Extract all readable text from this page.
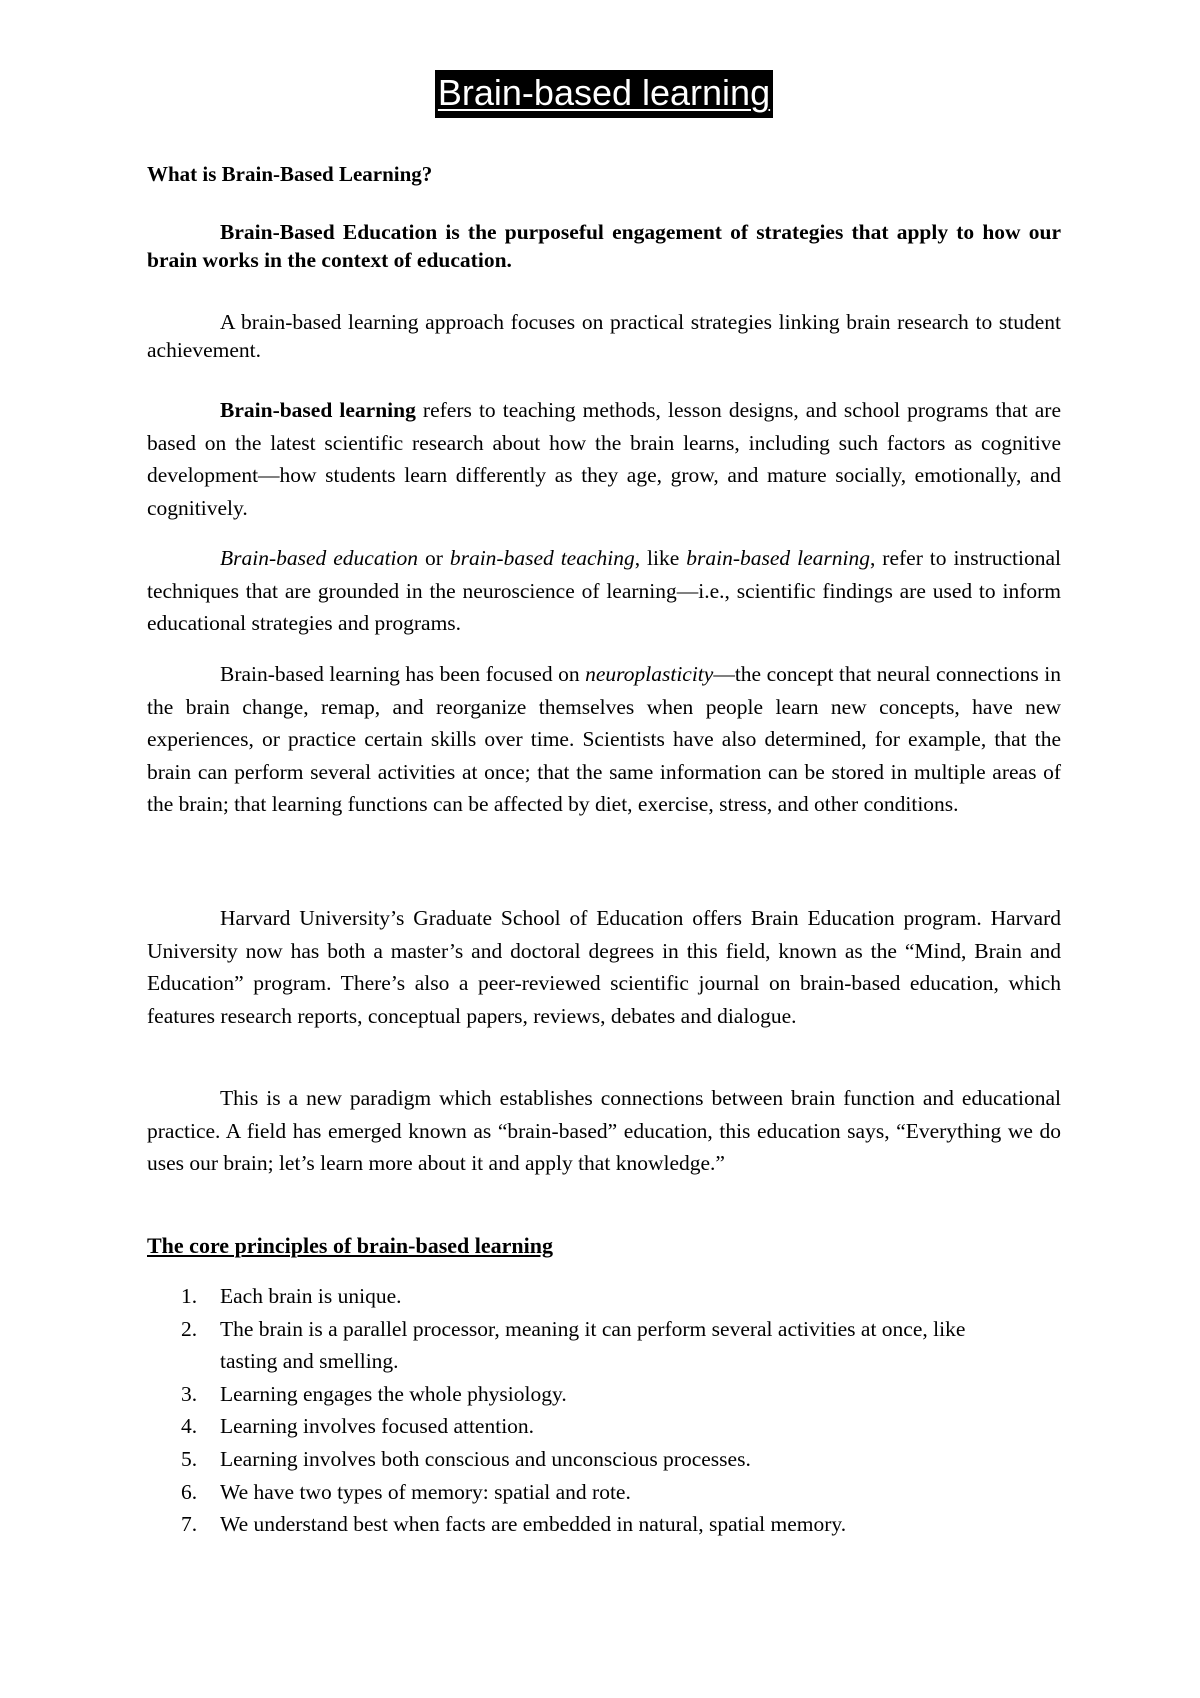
Brain-based learning

What is Brain-Based Learning?

Brain-Based Education is the purposeful engagement of strategies that apply to how our brain works in the context of education.

A brain-based learning approach focuses on practical strategies linking brain research to student achievement.

Brain-based learning refers to teaching methods, lesson designs, and school programs that are based on the latest scientific research about how the brain learns, including such factors as cognitive development—how students learn differently as they age, grow, and mature socially, emotionally, and cognitively.

Brain-based education or brain-based teaching, like brain-based learning, refer to instructional techniques that are grounded in the neuroscience of learning—i.e., scientific findings are used to inform educational strategies and programs.

Brain-based learning has been focused on neuroplasticity—the concept that neural connections in the brain change, remap, and reorganize themselves when people learn new concepts, have new experiences, or practice certain skills over time. Scientists have also determined, for example, that the brain can perform several activities at once; that the same information can be stored in multiple areas of the brain; that learning functions can be affected by diet, exercise, stress, and other conditions.

Harvard University’s Graduate School of Education offers Brain Education program. Harvard University now has both a master’s and doctoral degrees in this field, known as the “Mind, Brain and Education” program. There’s also a peer-reviewed scientific journal on brain-based education, which features research reports, conceptual papers, reviews, debates and dialogue.

This is a new paradigm which establishes connections between brain function and educational practice. A field has emerged known as “brain-based” education, this education says, “Everything we do uses our brain; let’s learn more about it and apply that knowledge.”

The core principles of brain-based learning

1. Each brain is unique.
2. The brain is a parallel processor, meaning it can perform several activities at once, like tasting and smelling.
3. Learning engages the whole physiology.
4. Learning involves focused attention.
5. Learning involves both conscious and unconscious processes.
6. We have two types of memory: spatial and rote.
7. We understand best when facts are embedded in natural, spatial memory.
